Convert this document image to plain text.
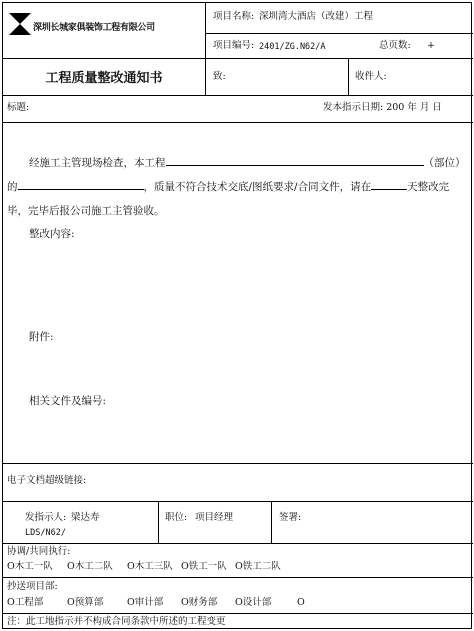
深圳长城家俱装饰工程有限公司
项目名称: 深圳湾大酒店（改建）工程
项目编号: 2401/ZG.N62/A	总页数: +
工程质量整改通知书	致:	收件人:
标题:	发本指示日期: 200 年 月 日
经施工主管现场检查，本工程	（部位）
的	，质量不符合技术交底/图纸要求/合同文件，请在	天整改完
毕，完毕后报公司施工主管验收。
整改内容:
附件:
相关文件及编号:
电子文档超级链接:
发指示人: 梁达寿
LDS/N62/
职位: 项目经理	签署:
协调/共同执行:
O木工一队 O木工二队 O木工三队 O铁工一队 O铁工二队
抄送项目部:
O工程部 O预算部 O审计部 O财务部 O设计部	O
注：此工地指示并不构成合同条款中所述的工程变更
